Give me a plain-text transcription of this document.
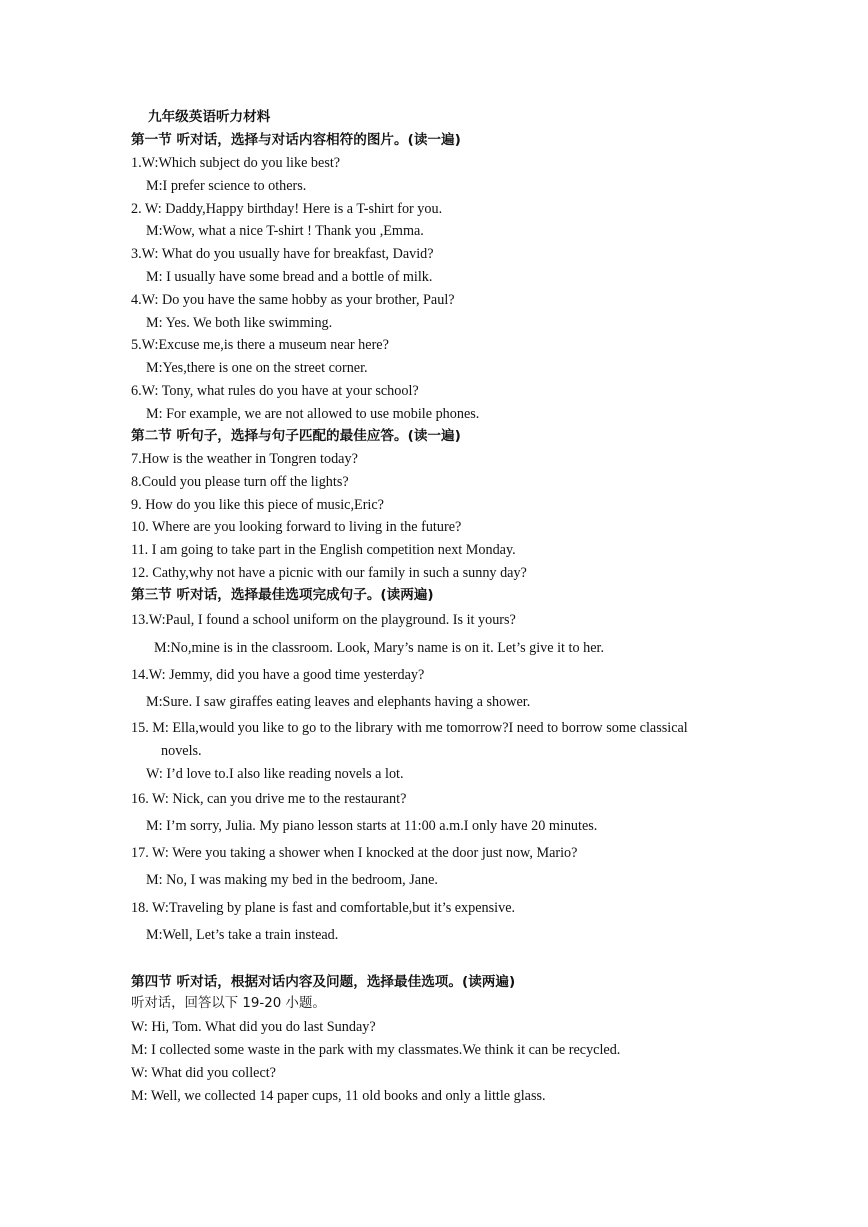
九年级英语听力材料
第一节 听对话，选择与对话内容相符的图片。(读一遍)
1.W:Which subject do you like best?
M:I prefer science to others.
2. W: Daddy,Happy birthday! Here is a T-shirt for you.
M:Wow, what a nice T-shirt ! Thank you ,Emma.
3.W: What do you usually have for breakfast, David?
M: I usually have some bread and a bottle of milk.
4.W: Do you have the same hobby as your brother, Paul?
M: Yes. We both like swimming.
5.W:Excuse me,is there a museum near here?
M:Yes,there is one on the street corner.
6.W: Tony, what rules do you have at your school?
M: For example, we are not allowed to use mobile phones.
第二节 听句子，选择与句子匹配的最佳应答。(读一遍)
7.How is the weather in Tongren today?
8.Could you please turn off the lights?
9. How do you like this piece of music,Eric?
10. Where are you looking forward to living in the future?
11. I am going to take part in the English competition next Monday.
12. Cathy,why not have a picnic with our family in such a sunny day?
第三节 听对话，选择最佳选项完成句子。(读两遍)
13.W:Paul, I found a school uniform on the playground. Is it yours?
M:No,mine is in the classroom. Look, Mary’s name is on it. Let’s give it to her.
14.W: Jemmy, did you have a good time yesterday?
M:Sure. I saw giraffes eating leaves and elephants having a shower.
15. M: Ella,would you like to go to the library with me tomorrow?I need to borrow some classical
novels.
W: I’d love to.I also like reading novels a lot.
16. W: Nick, can you drive me to the restaurant?
M: I’m sorry, Julia. My piano lesson starts at 11:00 a.m.I only have 20 minutes.
17. W: Were you taking a shower when I knocked at the door just now, Mario?
M: No, I was making my bed in the bedroom, Jane.
18. W:Traveling by plane is fast and comfortable,but it’s expensive.
M:Well, Let’s take a train instead.
第四节 听对话，根据对话内容及问题，选择最佳选项。(读两遍)
听对话，回答以下 19-20 小题。
W: Hi, Tom. What did you do last Sunday?
M: I collected some waste in the park with my classmates.We think it can be recycled.
W: What did you collect?
M: Well, we collected 14 paper cups, 11 old books and only a little glass.
